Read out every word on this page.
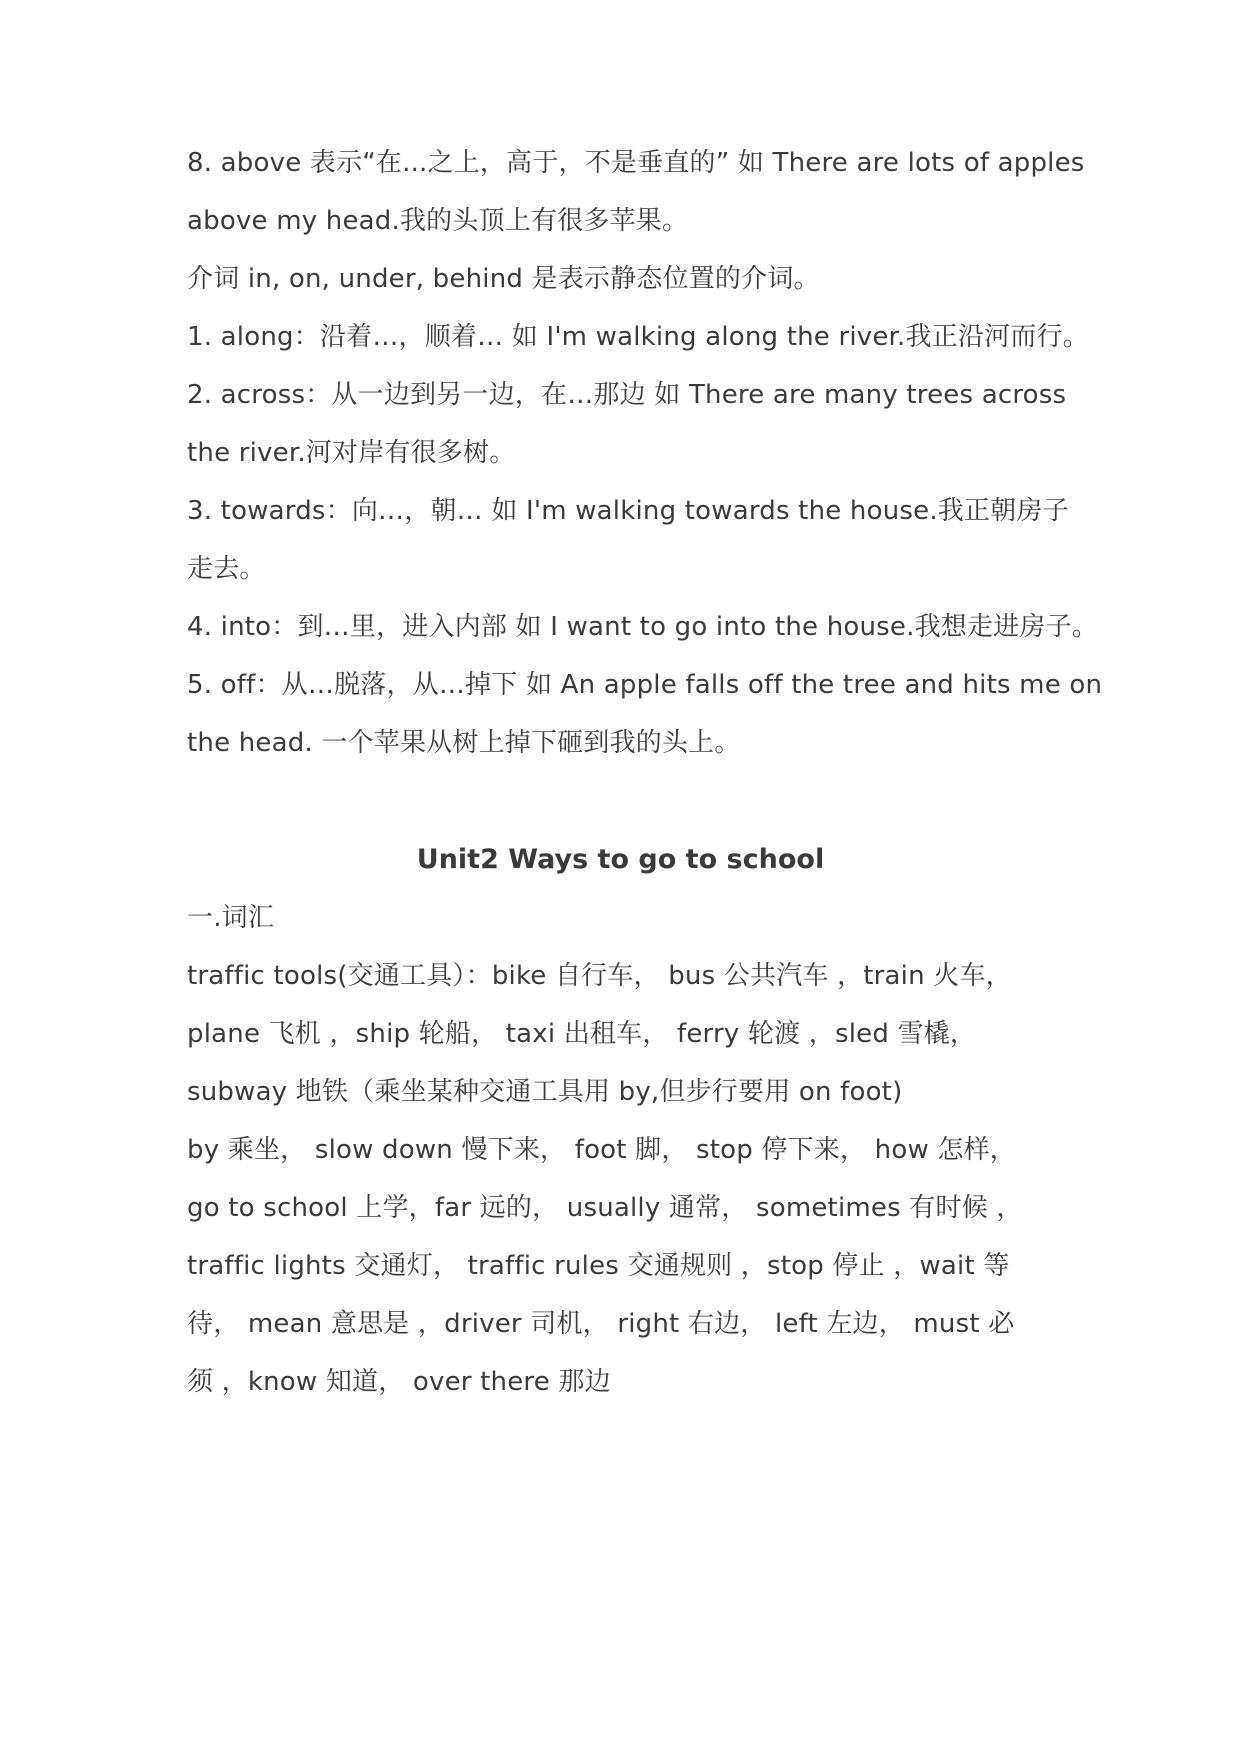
8. above 表示“在...之上，高于，不是垂直的” 如 There are lots of apples
above my head.我的头顶上有很多苹果。
介词 in, on, under, behind 是表示静态位置的介词。
1. along：沿着…，顺着… 如 I'm walking along the river.我正沿河而行。
2. across：从一边到另一边，在…那边 如 There are many trees across
the river.河对岸有很多树。
3. towards：向…，朝… 如 I'm walking towards the house.我正朝房子
走去。
4. into：到…里，进入内部 如 I want to go into the house.我想走进房子。
5. off：从…脱落，从…掉下 如 An apple falls off the tree and hits me on
the head. 一个苹果从树上掉下砸到我的头上。
Unit2 Ways to go to school
一.词汇
traffic tools(交通工具）：bike 自行车， bus 公共汽车 ，train 火车，
plane 飞机 ，ship 轮船， taxi 出租车， ferry 轮渡 ，sled 雪橇，
subway 地铁（乘坐某种交通工具用 by,但步行要用 on foot)
by 乘坐， slow down 慢下来， foot 脚， stop 停下来， how 怎样，
go to school 上学，far 远的， usually 通常， sometimes 有时候 ，
traffic lights 交通灯， traffic rules 交通规则 ，stop 停止 ，wait 等
待， mean 意思是 ，driver 司机， right 右边， left 左边， must 必
须 ，know 知道， over there 那边
